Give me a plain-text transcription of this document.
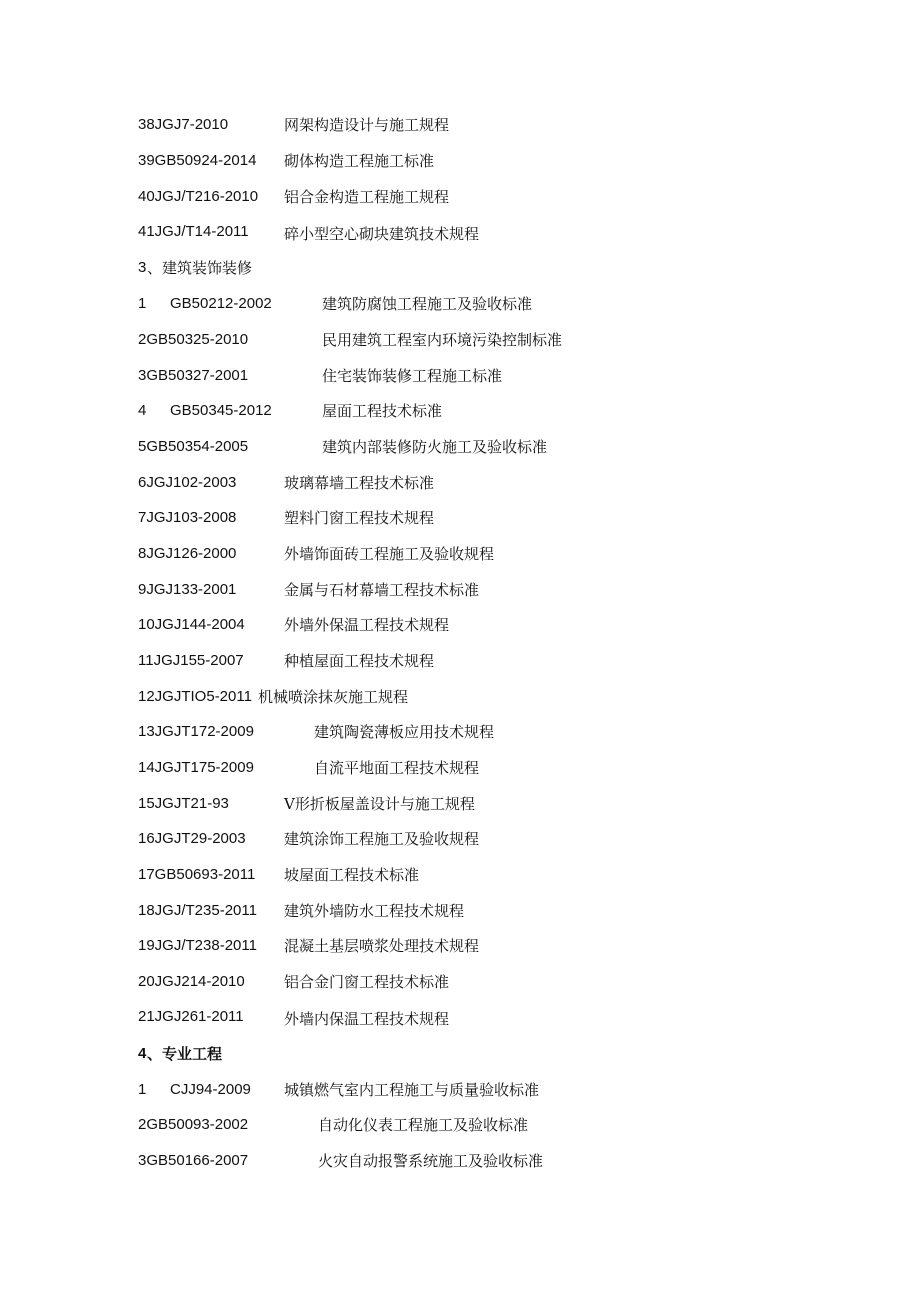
38JGJ7-2010	网架构造设计与施工规程
39GB50924-2014 砌体构造工程施工标准
40JGJ/T216-2010 铝合金构造工程施工规程
41JGJ/T14-2011 碎小型空心砌块建筑技术规程
3 、建筑装饰装修
1 GB50212-2002	建筑防腐蚀工程施工及验收标准
2GB50325-2010	民用建筑工程室内环境污染控制标准
3GB50327-2001	住宅装饰装修工程施工标准
4 GB50345-2012	屋面工程技术标准
5GB50354-2005	建筑内部装修防火施工及验收标准
6JGJ102-2003	玻璃幕墙工程技术标准
7JGJ103-2008	塑料门窗工程技术规程
8JGJ126-2000	外墙饰面砖工程施工及验收规程
9JGJ133-2001	金属与石材幕墙工程技术标准
10JGJ144-2004	外墙外保温工程技术规程
11JGJ155-2007	种植屋面工程技术规程
12JGJTIO5-2011 机械喷涂抹灰施工规程
13JGJT172-2009	建筑陶瓷薄板应用技术规程
14JGJT175-2009	自流平地面工程技术规程
15JGJT21-93	V形折板屋盖设计与施工规程
16JGJT29-2003	建筑涂饰工程施工及验收规程
17GB50693-2011 坡屋面工程技术标准
18JGJ/T235-2011 建筑外墙防水工程技术规程
19JGJ/T238-2011 混凝土基层喷浆处理技术规程
20JGJ214-2010	铝合金门窗工程技术标准
21JGJ261-2011	外墙内保温工程技术规程
4 、专业工程
1 CJJ94-2009 城镇燃气室内工程施工与质量验收标准
2GB50093-2002	自动化仪表工程施工及验收标准
3GB50166-2007	火灾自动报警系统施工及验收标准
